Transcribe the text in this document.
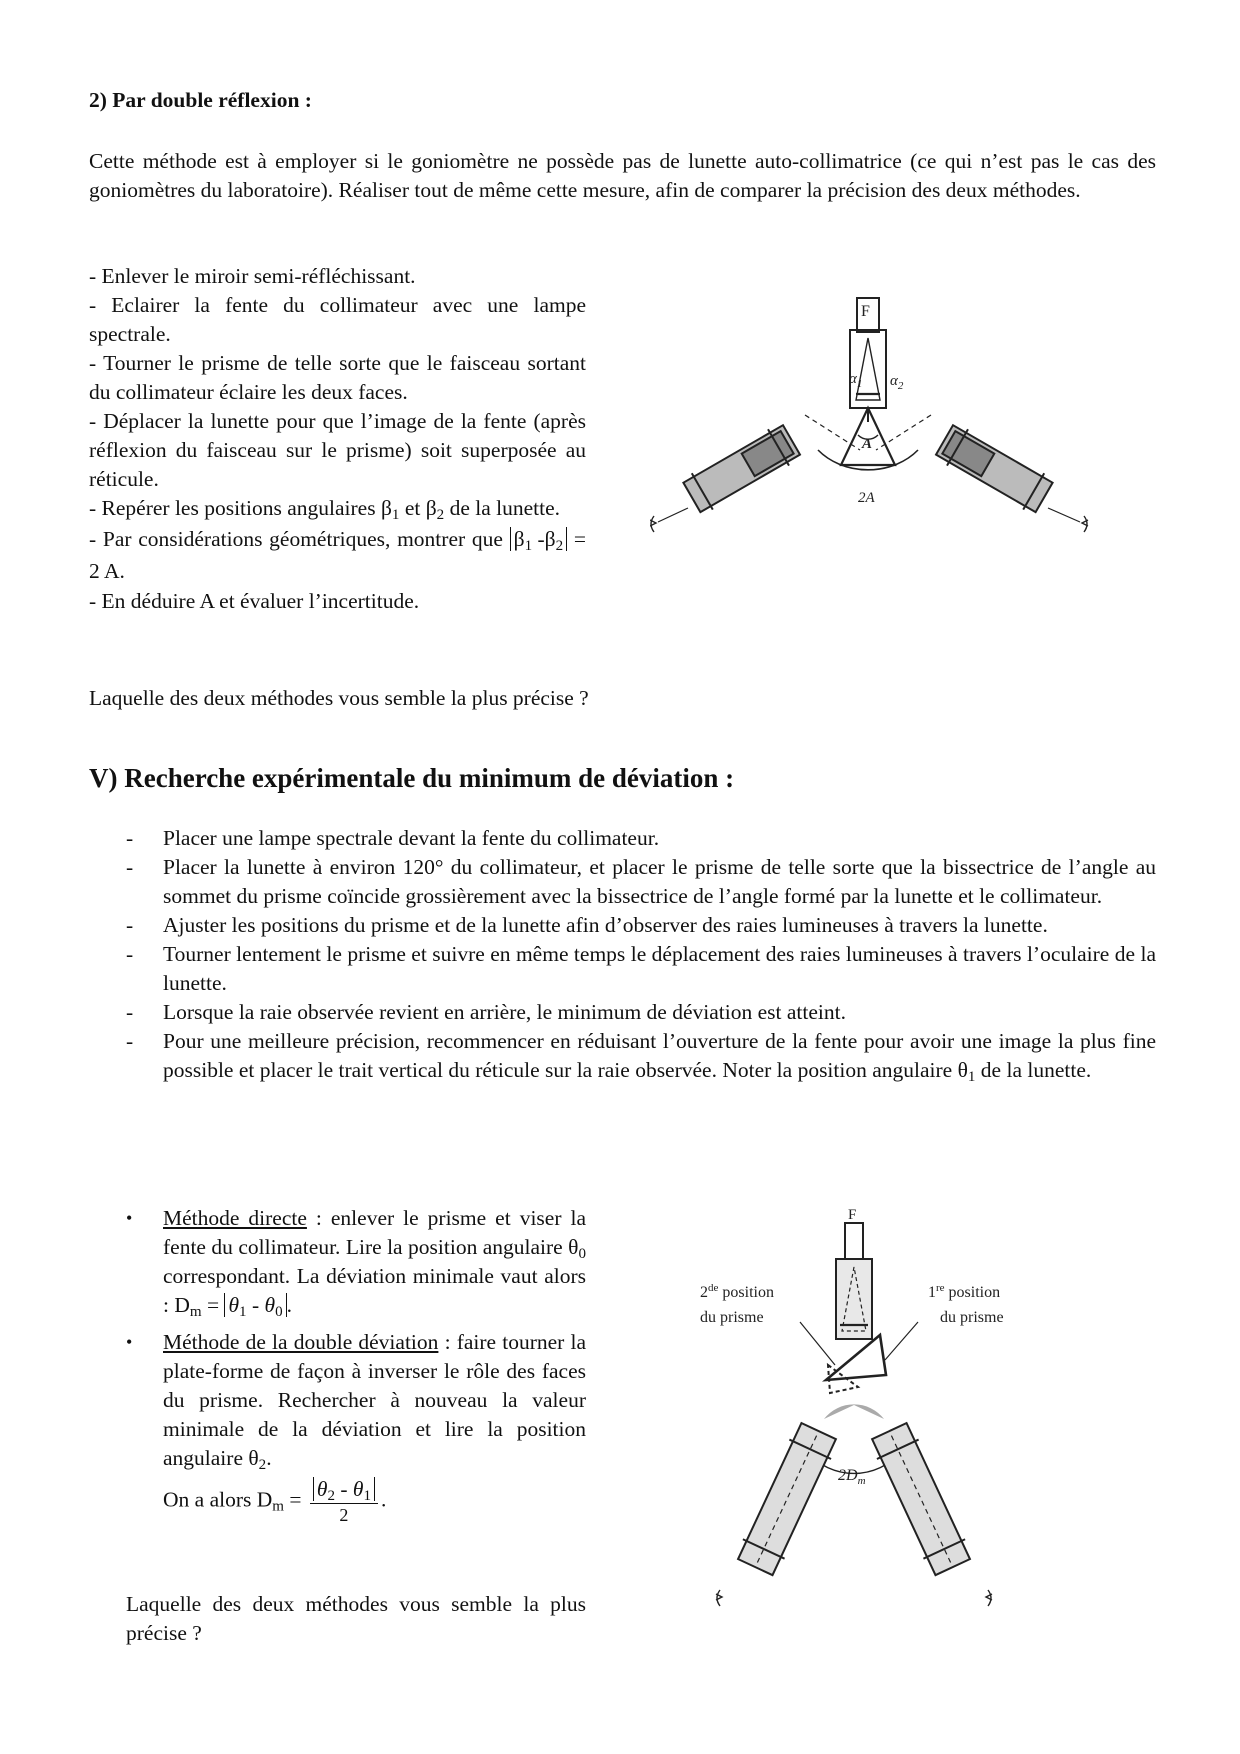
2) Par double réflexion :

Cette méthode est à employer si le goniomètre ne possède pas de lunette auto-collimatrice (ce qui n’est pas le cas des goniomètres du laboratoire). Réaliser tout de même cette mesure, afin de comparer la précision des deux méthodes.

- Enlever le miroir semi-réfléchissant.

- Eclairer la fente du collimateur avec une lampe spectrale.

- Tourner le prisme de telle sorte que le faisceau sortant du collimateur éclaire les deux faces.

- Déplacer la lunette pour que l’image de la fente (après réflexion du faisceau sur le prisme) soit superposée au réticule.

- Repérer les positions angulaires $\beta_1$ et $\beta_2$ de la lunette.

- Par considérations géométriques, montrer que $\beta_1$ $-\beta_2 = 2$ A.

- En déduire A et évaluer l’incertitude.

Laquelle des deux méthodes vous semble la plus précise ?

F
$\alpha_1$ $\alpha_2$
A
2A
V) Recherche expérimentale du minimum de déviation :
- Placer une lampe spectrale devant la fente du collimateur.
- Placer la lunette à environ 120° du collimateur, et placer le prisme de telle sorte que la bissectrice de l’angle au sommet du prisme coïncide grossièrement avec la bissectrice de l’angle formé par la lunette et le collimateur.
- Ajuster les positions du prisme et de la lunette afin d’observer des raies lumineuses à travers la lunette.
- Tourner lentement le prisme et suivre en même temps le déplacement des raies lumineuses à travers l’oculaire de la lunette.
- Lorsque la raie observée revient en arrière, le minimum de déviation est atteint.
- Pour une meilleure précision, recommencer en réduisant l’ouverture de la fente pour avoir une image la plus fine possible et placer le trait vertical du réticule sur la raie observée. Noter la position angulaire $\theta_1$ de la lunette.
• Méthode directe : enlever le prisme et viser la fente du collimateur. Lire la position angulaire $\theta_0$ correspondant. La déviation minimale vaut alors : $D_m = \theta_1 - \theta_0$ .
• Méthode de la double déviation : faire tourner la plate-forme de façon à inverser le rôle des faces du prisme. Rechercher à nouveau la valeur minimale de la déviation et lire la position angulaire $\theta_2$.
On a alors $D_m = \frac{\theta_2 - \theta_1}{2}$ .

Laquelle des deux méthodes vous semble la plus précise ?

F
2de position
du prisme
1re position
du prisme
$2D_m$
